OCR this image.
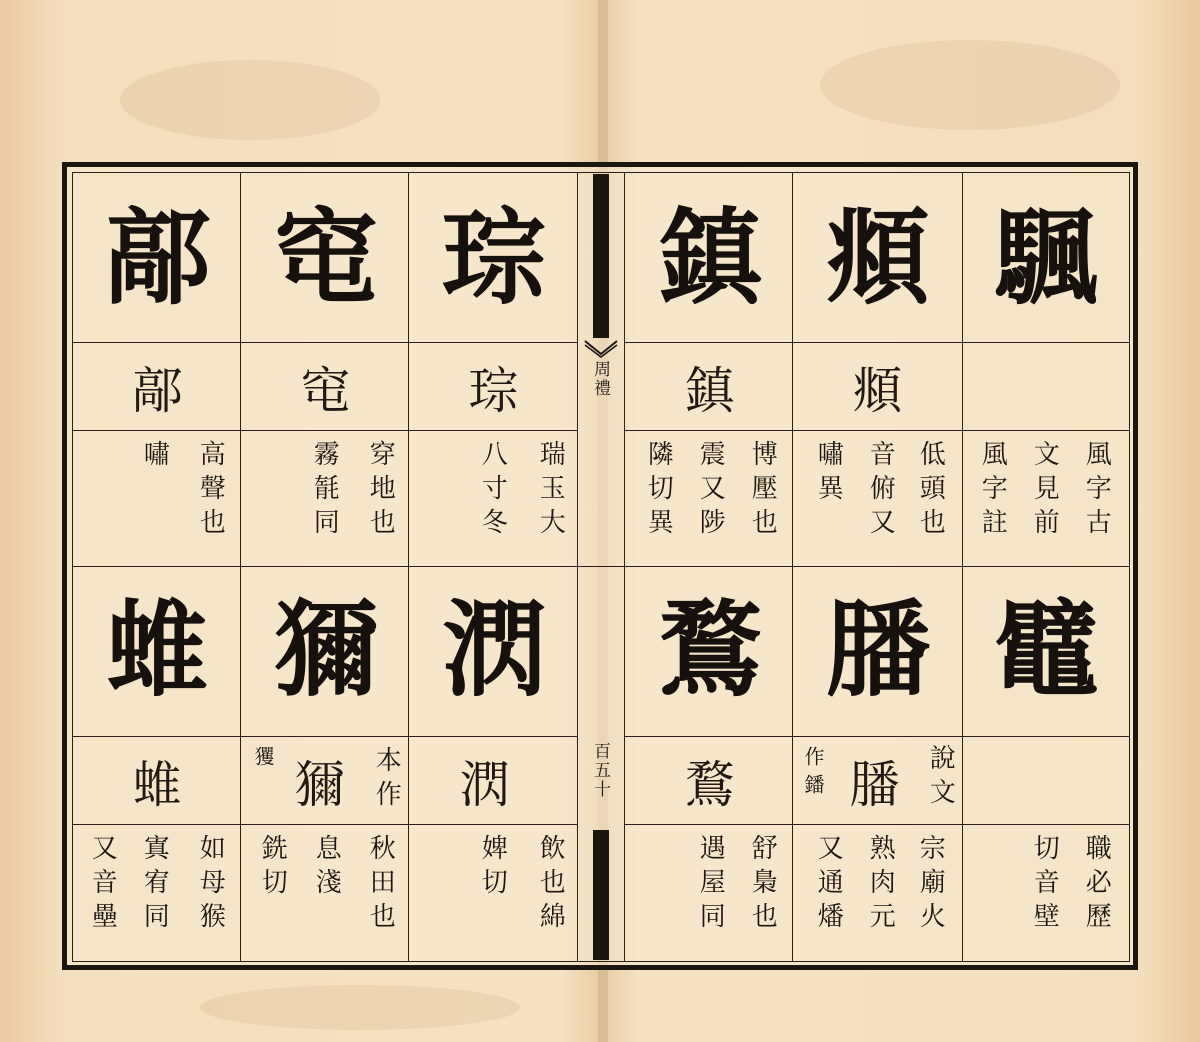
周禮
百五十
颿
風字古
文見前
風字註
頫
頫
低頭也
音俯又
嘯異
鎮
鎮
博壓也
震又陟
隣切異
琮
琮
瑞玉大
八寸冬
窀
窀
穿地也
霧毻同
鄗
鄗
高聲也
嘯
鼊
職必歷
切音壁
膰
膰 說文
宗廟火
熟肉元
又通燔
作鐇
鶩
鶩
舒梟也
遇屋同
㴸
㴸
飲也綿
婢切
獮
獮 本作
秋田也
息淺
銑切
玃
蜼
蜼
如母猴
寘宥同
又音壘
